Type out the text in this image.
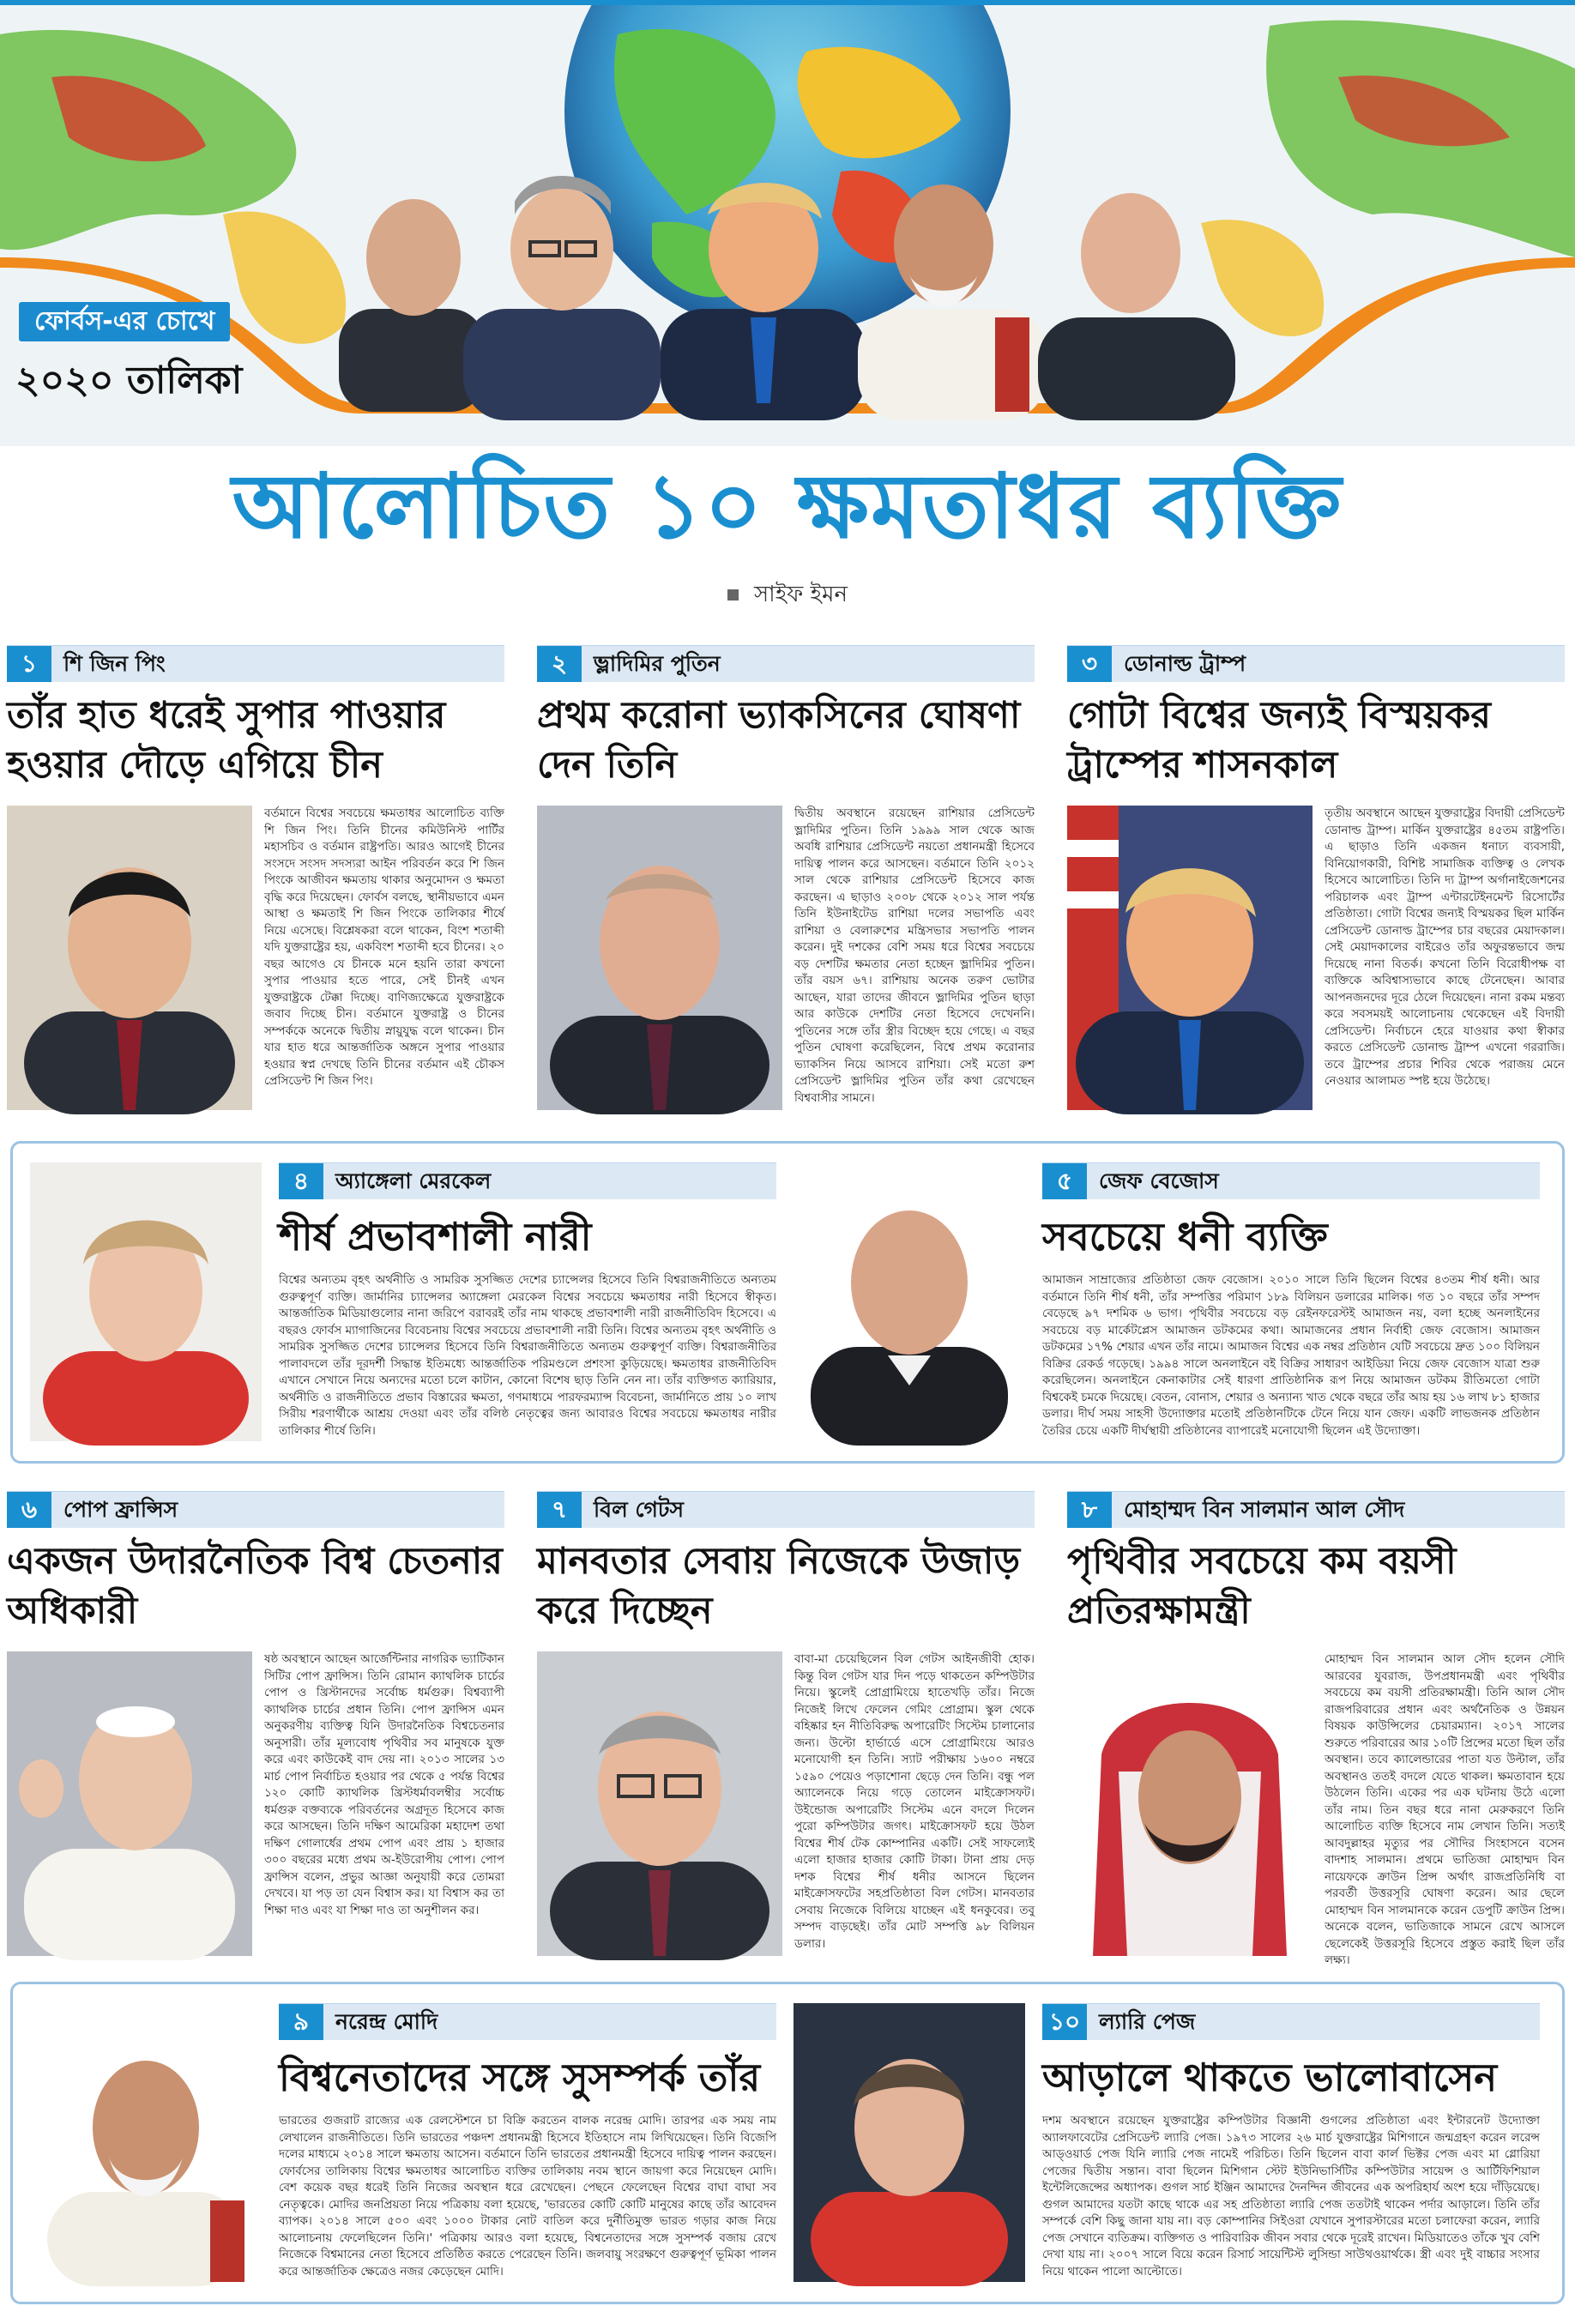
ফোর্বস-এর চোখে
২০২০ তালিকা
আলোচিত ১০ ক্ষমতাধর ব্যক্তি
সাইফ ইমন
১	শি জিন পিং
তাঁর হাত ধরেই সুপার পাওয়ার হওয়ার দৌড়ে এগিয়ে চীন
বর্তমানে বিশ্বের সবচেয়ে ক্ষমতাধর আলোচিত ব্যক্তি শি জিন পিং। তিনি চীনের কমিউনিস্ট পার্টির মহাসচিব ও বর্তমান রাষ্ট্রপতি। আরও আগেই চীনের সংসদে সংসদ সদস্যরা আইন পরিবর্তন করে শি জিন পিংকে আজীবন ক্ষমতায় থাকার অনুমোদন ও ক্ষমতা বৃদ্ধি করে দিয়েছেন। ফোর্বস বলছে, স্থানীয়ভাবে এমন আস্থা ও ক্ষমতাই শি জিন পিংকে তালিকার শীর্ষে নিয়ে এসেছে। বিশ্লেষকরা বলে থাকেন, বিংশ শতাব্দী যদি যুক্তরাষ্ট্রের হয়, একবিংশ শতাব্দী হবে চীনের। ২০ বছর আগেও যে চীনকে মনে হয়নি তারা কখনো সুপার পাওয়ার হতে পারে, সেই চীনই এখন যুক্তরাষ্ট্রকে টেক্কা দিচ্ছে। বাণিজ্যক্ষেত্রে যুক্তরাষ্ট্রকে জবাব দিচ্ছে চীন। বর্তমানে যুক্তরাষ্ট্র ও চীনের সম্পর্ককে অনেকে দ্বিতীয় স্নায়ুযুদ্ধ বলে থাকেন। চীন যার হাত ধরে আন্তর্জাতিক অঙ্গনে সুপার পাওয়ার হওয়ার স্বপ্ন দেখছে তিনি চীনের বর্তমান এই চৌকস প্রেসিডেন্ট শি জিন পিং।
২	ভ্লাদিমির পুতিন
প্রথম করোনা ভ্যাকসিনের ঘোষণা দেন তিনি
দ্বিতীয় অবস্থানে রয়েছেন রাশিয়ার প্রেসিডেন্ট ভ্লাদিমির পুতিন। তিনি ১৯৯৯ সাল থেকে আজ অবধি রাশিয়ার প্রেসিডেন্ট নয়তো প্রধানমন্ত্রী হিসেবে দায়িত্ব পালন করে আসছেন। বর্তমানে তিনি ২০১২ সাল থেকে রাশিয়ার প্রেসিডেন্ট হিসেবে কাজ করছেন। এ ছাড়াও ২০০৮ থেকে ২০১২ সাল পর্যন্ত তিনি ইউনাইটেড রাশিয়া দলের সভাপতি এবং রাশিয়া ও বেলারুশের মন্ত্রিসভার সভাপতি পালন করেন। দুই দশকের বেশি সময় ধরে বিশ্বের সবচেয়ে বড় দেশটির ক্ষমতার নেতা হচ্ছেন ভ্লাদিমির পুতিন। তাঁর বয়স ৬৭। রাশিয়ায় অনেক তরুণ ভোটার আছেন, যারা তাদের জীবনে ভ্লাদিমির পুতিন ছাড়া আর কাউকে দেশটির নেতা হিসেবে দেখেননি। পুতিনের সঙ্গে তাঁর স্ত্রীর বিচ্ছেদ হয়ে গেছে। এ বছর পুতিন ঘোষণা করেছিলেন, বিশ্বে প্রথম করোনার ভ্যাকসিন নিয়ে আসবে রাশিয়া। সেই মতো রুশ প্রেসিডেন্ট ভ্লাদিমির পুতিন তাঁর কথা রেখেছেন বিশ্ববাসীর সামনে।
৩	ডোনাল্ড ট্রাম্প
গোটা বিশ্বের জন্যই বিস্ময়কর ট্রাম্পের শাসনকাল
তৃতীয় অবস্থানে আছেন যুক্তরাষ্ট্রের বিদায়ী প্রেসিডেন্ট ডোনাল্ড ট্রাম্প। মার্কিন যুক্তরাষ্ট্রের ৪৫তম রাষ্ট্রপতি। এ ছাড়াও তিনি একজন ধনাঢ্য ব্যবসায়ী, বিনিয়োগকারী, বিশিষ্ট সামাজিক ব্যক্তিত্ব ও লেখক হিসেবে আলোচিত। তিনি দ্য ট্রাম্প অর্গানাইজেশনের পরিচালক এবং ট্রাম্প এন্টারটেইনমেন্ট রিসোর্টের প্রতিষ্ঠাতা। গোটা বিশ্বের জন্যই বিস্ময়কর ছিল মার্কিন প্রেসিডেন্ট ডোনাল্ড ট্রাম্পের চার বছরের মেয়াদকাল। সেই মেয়াদকালের বাইরেও তাঁর অফুরন্তভাবে জন্ম দিয়েছে নানা বিতর্ক। কখনো তিনি বিরোধীপক্ষ বা ব্যক্তিকে অবিশ্বাস্যভাবে কাছে টেনেছেন। আবার আপনজনদের দূরে ঠেলে দিয়েছেন। নানা রকম মন্তব্য করে সবসময়ই আলোচনায় থেকেছেন এই বিদায়ী প্রেসিডেন্ট। নির্বাচনে হেরে যাওয়ার কথা স্বীকার করতে প্রেসিডেন্ট ডোনাল্ড ট্রাম্প এখনো গররাজি। তবে ট্রাম্পের প্রচার শিবির থেকে পরাজয় মেনে নেওয়ার আলামত স্পষ্ট হয়ে উঠেছে।
৪	অ্যাঙ্গেলা মেরকেল
শীর্ষ প্রভাবশালী নারী
বিশ্বের অন্যতম বৃহৎ অর্থনীতি ও সামরিক সুসজ্জিত দেশের চ্যান্সেলর হিসেবে তিনি বিশ্বরাজনীতিতে অন্যতম গুরুত্বপূর্ণ ব্যক্তি। জার্মানির চ্যান্সেলর অ্যাঙ্গেলা মেরকেল বিশ্বের সবচেয়ে ক্ষমতাধর নারী হিসেবে স্বীকৃত। আন্তর্জাতিক মিডিয়াগুলোর নানা জরিপে বরাবরই তাঁর নাম থাকছে প্রভাবশালী নারী রাজনীতিবিদ হিসেবে। এ বছরও ফোর্বস ম্যাগাজিনের বিবেচনায় বিশ্বের সবচেয়ে প্রভাবশালী নারী তিনি। বিশ্বের অন্যতম বৃহৎ অর্থনীতি ও সামরিক সুসজ্জিত দেশের চ্যান্সেলর হিসেবে তিনি বিশ্বরাজনীতিতে অন্যতম গুরুত্বপূর্ণ ব্যক্তি। বিশ্বরাজনীতির পালাবদলে তাঁর দূরদর্শী সিদ্ধান্ত ইতিমধ্যে আন্তর্জাতিক পরিমণ্ডলে প্রশংসা কুড়িয়েছে। ক্ষমতাধর রাজনীতিবিদ এখানে সেখানে নিয়ে অন্যদের মতো চলে কাটান, কোনো বিশেষ ছাড় তিনি নেন না। তাঁর ব্যক্তিগত ক্যারিয়ার, অর্থনীতি ও রাজনীতিতে প্রভাব বিস্তারের ক্ষমতা, গণমাধ্যমে পারফরম্যান্স বিবেচনা, জার্মানিতে প্রায় ১০ লাখ সিরীয় শরণার্থীকে আশ্রয় দেওয়া এবং তাঁর বলিষ্ঠ নেতৃত্বের জন্য আবারও বিশ্বের সবচেয়ে ক্ষমতাধর নারীর তালিকার শীর্ষে তিনি।
৫	জেফ বেজোস
সবচেয়ে ধনী ব্যক্তি
আমাজন সাম্রাজ্যের প্রতিষ্ঠাতা জেফ বেজোস। ২০১০ সালে তিনি ছিলেন বিশ্বের ৪৩তম শীর্ষ ধনী। আর বর্তমানে তিনি শীর্ষ ধনী, তাঁর সম্পত্তির পরিমাণ ১৮৯ বিলিয়ন ডলারের মালিক। গত ১০ বছরে তাঁর সম্পদ বেড়েছে ৯৭ দশমিক ৬ ভাগ। পৃথিবীর সবচেয়ে বড় রেইনফরেস্টই আমাজন নয়, বলা হচ্ছে অনলাইনের সবচেয়ে বড় মার্কেটপ্লেস আমাজন ডটকমের কথা। আমাজনের প্রধান নির্বাহী জেফ বেজোস। আমাজন ডটকমের ১৭% শেয়ার এখন তাঁর নামে। আমাজন বিশ্বের এক নম্বর প্রতিষ্ঠান যেটি সবচেয়ে দ্রুত ১০০ বিলিয়ন বিক্রির রেকর্ড গড়েছে। ১৯৯৪ সালে অনলাইনে বই বিক্রির সাধারণ আইডিয়া নিয়ে জেফ বেজোস যাত্রা শুরু করেছিলেন। অনলাইনে কেনাকাটার সেই ধারণা প্রাতিষ্ঠানিক রূপ নিয়ে আমাজন ডটকম রীতিমতো গোটা বিশ্বকেই চমকে দিয়েছে। বেতন, বোনাস, শেয়ার ও অন্যান্য খাত থেকে বছরে তাঁর আয় হয় ১৬ লাখ ৮১ হাজার ডলার। দীর্ঘ সময় সাহসী উদ্যোক্তার মতোই প্রতিষ্ঠানটিকে টেনে নিয়ে যান জেফ। একটি লাভজনক প্রতিষ্ঠান তৈরির চেয়ে একটি দীর্ঘস্থায়ী প্রতিষ্ঠানের ব্যাপারেই মনোযোগী ছিলেন এই উদ্যোক্তা।
৬	পোপ ফ্রান্সিস
একজন উদারনৈতিক বিশ্ব চেতনার অধিকারী
ষষ্ঠ অবস্থানে আছেন আর্জেন্টিনার নাগরিক ভ্যাটিকান সিটির পোপ ফ্রান্সিস। তিনি রোমান ক্যাথলিক চার্চের পোপ ও খ্রিস্টানদের সর্বোচ্চ ধর্মগুরু। বিশ্বব্যাপী ক্যাথলিক চার্চের প্রধান তিনি। পোপ ফ্রান্সিস এমন অনুকরণীয় ব্যক্তিত্ব যিনি উদারনৈতিক বিশ্বচেতনার অনুসারী। তাঁর মূল্যবোধ পৃথিবীর সব মানুষকে যুক্ত করে এবং কাউকেই বাদ দেয় না। ২০১৩ সালের ১৩ মার্চ পোপ নির্বাচিত হওয়ার পর থেকে ৫ পর্যন্ত বিশ্বের ১২০ কোটি ক্যাথলিক খ্রিস্টধর্মাবলম্বীর সর্বোচ্চ ধর্মগুরু বক্তব্যকে পরিবর্তনের অগ্রদূত হিসেবে কাজ করে আসছেন। তিনি দক্ষিণ আমেরিকা মহাদেশ তথা দক্ষিণ গোলার্ধের প্রথম পোপ এবং প্রায় ১ হাজার ৩০০ বছরের মধ্যে প্রথম অ-ইউরোপীয় পোপ। পোপ ফ্রান্সিস বলেন, প্রভুর আজ্ঞা অনুযায়ী করে তোমরা দেখবে। যা পড় তা যেন বিশ্বাস কর। যা বিশ্বাস কর তা শিক্ষা দাও এবং যা শিক্ষা দাও তা অনুশীলন কর।
৭	বিল গেটস
মানবতার সেবায় নিজেকে উজাড় করে দিচ্ছেন
বাবা-মা চেয়েছিলেন বিল গেটস আইনজীবী হোক। কিন্তু বিল গেটস যার দিন পড়ে থাকতেন কম্পিউটার নিয়ে। স্কুলেই প্রোগ্রামিংয়ে হাতেখড়ি তাঁর। নিজে নিজেই লিখে ফেলেন গেমিং প্রোগ্রাম। স্কুল থেকে বহিষ্কার হন নীতিবিরুদ্ধ অপারেটিং সিস্টেম চালানোর জন্য। উল্টো হার্ভার্ডে এসে প্রোগ্রামিংয়ে আরও মনোযোগী হন তিনি। স্যাট পরীক্ষায় ১৬০০ নম্বরে ১৫৯০ পেয়েও পড়াশোনা ছেড়ে দেন তিনি। বন্ধু পল অ্যালেনকে নিয়ে গড়ে তোলেন মাইক্রোসফট। উইন্ডোজ অপারেটিং সিস্টেম এনে বদলে দিলেন পুরো কম্পিউটার জগৎ। মাইক্রোসফট হয়ে উঠল বিশ্বের শীর্ষ টেক কোম্পানির একটি। সেই সাফল্যেই এলো হাজার হাজার কোটি টাকা। টানা প্রায় দেড় দশক বিশ্বের শীর্ষ ধনীর আসনে ছিলেন মাইক্রোসফটের সহপ্রতিষ্ঠাতা বিল গেটস। মানবতার সেবায় নিজেকে বিলিয়ে যাচ্ছেন এই ধনকুবের। তবু সম্পদ বাড়ছেই। তাঁর মোট সম্পত্তি ৯৮ বিলিয়ন ডলার।
৮	মোহাম্মদ বিন সালমান আল সৌদ
পৃথিবীর সবচেয়ে কম বয়সী প্রতিরক্ষামন্ত্রী
মোহাম্মদ বিন সালমান আল সৌদ হলেন সৌদি আরবের যুবরাজ, উপপ্রধানমন্ত্রী এবং পৃথিবীর সবচেয়ে কম বয়সী প্রতিরক্ষামন্ত্রী। তিনি আল সৌদ রাজপরিবারের প্রধান এবং অর্থনৈতিক ও উন্নয়ন বিষয়ক কাউন্সিলের চেয়ারম্যান। ২০১৭ সালের শুরুতে পরিবারের আর ১০টি প্রিন্সের মতো ছিল তাঁর অবস্থান। তবে ক্যালেন্ডারের পাতা যত উল্টাল, তাঁর অবস্থানও ততই বদলে যেতে থাকল। ক্ষমতাবান হয়ে উঠলেন তিনি। একের পর এক ঘটনায় উঠে এলো তাঁর নাম। তিন বছর ধরে নানা মেরুকরণে তিনি আলোচিত ব্যক্তি হিসেবে নাম লেখান তিনি। সত্যই আবদুল্লাহর মৃত্যুর পর সৌদির সিংহাসনে বসেন বাদশাহ সালমান। প্রথমে ভাতিজা মোহাম্মদ বিন নায়েফকে ক্রাউন প্রিন্স অর্থাৎ রাজপ্রতিনিধি বা পরবর্তী উত্তরসূরি ঘোষণা করেন। আর ছেলে মোহাম্মদ বিন সালমানকে করেন ডেপুটি ক্রাউন প্রিন্স। অনেকে বলেন, ভাতিজাকে সামনে রেখে আসলে ছেলেকেই উত্তরসূরি হিসেবে প্রস্তুত করাই ছিল তাঁর লক্ষ্য।
৯	নরেন্দ্র মোদি
বিশ্বনেতাদের সঙ্গে সুসম্পর্ক তাঁর
ভারতের গুজরাট রাজ্যের এক রেলস্টেশনে চা বিক্রি করতেন বালক নরেন্দ্র মোদি। তারপর এক সময় নাম লেখালেন রাজনীতিতে। তিনি ভারতের পঞ্চদশ প্রধানমন্ত্রী হিসেবে ইতিহাসে নাম লিখিয়েছেন। তিনি বিজেপি দলের মাধ্যমে ২০১৪ সালে ক্ষমতায় আসেন। বর্তমানে তিনি ভারতের প্রধানমন্ত্রী হিসেবে দায়িত্ব পালন করছেন। ফোর্বসের তালিকায় বিশ্বের ক্ষমতাধর আলোচিত ব্যক্তির তালিকায় নবম স্থানে জায়গা করে নিয়েছেন মোদি। বেশ কয়েক বছর ধরেই তিনি নিজের অবস্থান ধরে রেখেছেন। পেছনে ফেলেছেন বিশ্বের বাঘা বাঘা সব নেতৃত্বকে। মোদির জনপ্রিয়তা নিয়ে পত্রিকায় বলা হয়েছে, 'ভারতের কোটি কোটি মানুষের কাছে তাঁর আবেদন ব্যাপক। ২০১৪ সালে ৫০০ এবং ১০০০ টাকার নোট বাতিল করে দুর্নীতিমুক্ত ভারত গড়ার কাজ নিয়ে আলোচনায় ফেলেছিলেন তিনি।' পত্রিকায় আরও বলা হয়েছে, বিশ্বনেতাদের সঙ্গে সুসম্পর্ক বজায় রেখে নিজেকে বিশ্বমানের নেতা হিসেবে প্রতিষ্ঠিত করতে পেরেছেন তিনি। জলবায়ু সংরক্ষণে গুরুত্বপূর্ণ ভূমিকা পালন করে আন্তর্জাতিক ক্ষেত্রেও নজর কেড়েছেন মোদি।
১০ ল্যারি পেজ
আড়ালে থাকতে ভালোবাসেন
দশম অবস্থানে রয়েছেন যুক্তরাষ্ট্রের কম্পিউটার বিজ্ঞানী গুগলের প্রতিষ্ঠাতা এবং ইন্টারনেট উদ্যোক্তা অ্যালফাবেটের প্রেসিডেন্ট ল্যারি পেজ। ১৯৭৩ সালের ২৬ মার্চ যুক্তরাষ্ট্রের মিশিগানে জন্মগ্রহণ করেন লরেন্স আড্ওয়ার্ড পেজ যিনি ল্যারি পেজ নামেই পরিচিত। তিনি ছিলেন বাবা কার্ল ভিক্টর পেজ এবং মা গ্লোরিয়া পেজের দ্বিতীয় সন্তান। বাবা ছিলেন মিশিগান স্টেট ইউনিভার্সিটির কম্পিউটার সায়েন্স ও আর্টিফিশিয়াল ইন্টেলিজেন্সের অধ্যাপক। গুগল সার্চ ইঞ্জিন আমাদের দৈনন্দিন জীবনের এক অপরিহার্য অংশ হয়ে দাঁড়িয়েছে। গুগল আমাদের যতটা কাছে থাকে এর সহ প্রতিষ্ঠাতা ল্যারি পেজ ততটাই থাকেন পর্দার আড়ালে। তিনি তাঁর সম্পর্কে বেশি কিছু জানা যায় না। বড় কোম্পানির সিইওরা যেখানে সুপারস্টারের মতো চলাফেরা করেন, ল্যারি পেজ সেখানে ব্যতিক্রম। ব্যক্তিগত ও পারিবারিক জীবন সবার থেকে দূরেই রাখেন। মিডিয়াতেও তাঁকে খুব বেশি দেখা যায় না। ২০০৭ সালে বিয়ে করেন রিসার্চ সায়েন্টিস্ট লুসিন্ডা সাউথওয়ার্থকে। স্ত্রী এবং দুই বাচ্চার সংসার নিয়ে থাকেন পালো আল্টোতে।
